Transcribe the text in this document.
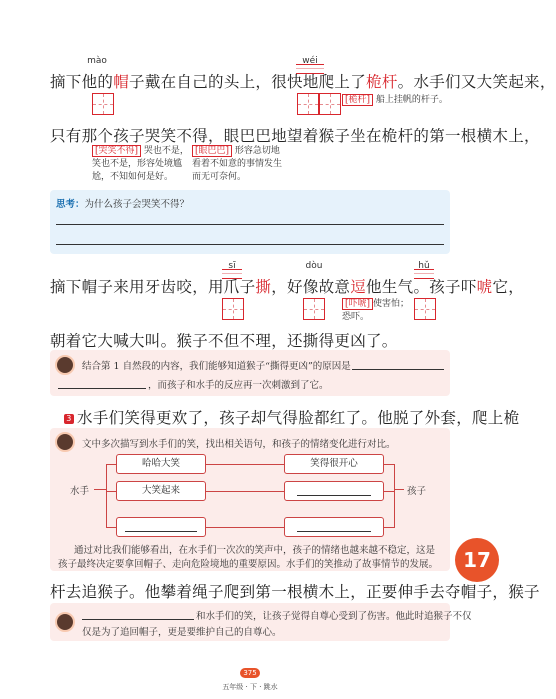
mào	wéi
摘下他的帽子戴在自己的头上，很快地爬上了桅杆。水手们又大笑起来，
[桅杆] 船上挂帆的杆子。
只有那个孩子哭笑不得，眼巴巴地望着猴子坐在桅杆的第一根横木上，
[哭笑不得] 哭也不是，
笑也不是，形容处境尴
尬，不知如何是好。
[眼巴巴] 形容急切地
看着不如意的事情发生
而无可奈何。
思考：为什么孩子会哭笑不得？
sī	dòu	hǔ
摘下帽子来用牙齿咬，用爪子撕，好像故意逗他生气。孩子吓唬它，
[吓唬] 使害怕；
恐吓。
朝着它大喊大叫。猴子不但不理，还撕得更凶了。
结合第 1 自然段的内容，我们能够知道猴子“撕得更凶”的原因是
，而孩子和水手的反应再一次刺激到了它。
3 水手们笑得更欢了，孩子却气得脸都红了。他脱了外套，爬上桅
文中多次描写到水手们的笑，找出相关语句，和孩子的情绪变化进行对比。
水手	孩子
哈哈大笑
大笑起来
笑得很开心
通过对比我们能够看出，在水手们一次次的笑声中，孩子的情绪也越来越不稳定，这是
孩子最终决定要拿回帽子、走向危险境地的重要原因。水手们的笑推动了故事情节的发展。	17
杆去追猴子。他攀着绳子爬到第一根横木上，正要伸手去夺帽子，猴子
和水手们的笑，让孩子觉得自尊心受到了伤害。他此时追猴子不仅
仅是为了追回帽子，更是要维护自己的自尊心。
375
五年级 · 下 · 跳水
